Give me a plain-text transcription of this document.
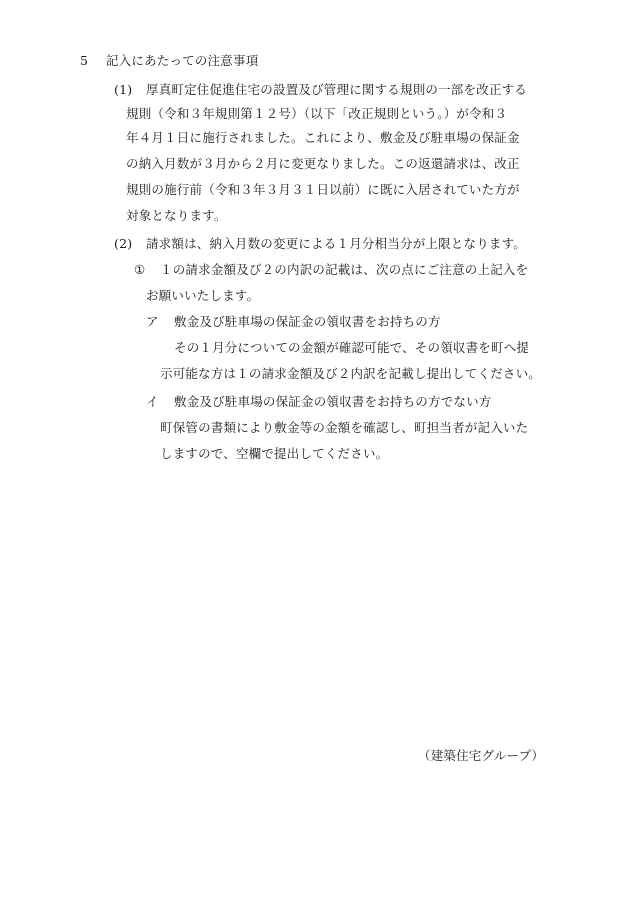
5 記入にあたっての注意事項
(1) 厚真町定住促進住宅の設置及び管理に関する規則の一部を改正する
規則（令和３年規則第１２号）（以下「改正規則という。）が令和３
年４月１日に施行されました。これにより、敷金及び駐車場の保証金
の納入月数が３月から２月に変更なりました。この返還請求は、改正
規則の施行前（令和３年３月３１日以前）に既に入居されていた方が
対象となります。
(2) 請求額は、納入月数の変更による１月分相当分が上限となります。
① １の請求金額及び２の内訳の記載は、次の点にご注意の上記入を
お願いいたします。
ア 敷金及び駐車場の保証金の領収書をお持ちの方
その１月分についての金額が確認可能で、その領収書を町へ提
示可能な方は１の請求金額及び２内訳を記載し提出してください。
イ 敷金及び駐車場の保証金の領収書をお持ちの方でない方
町保管の書類により敷金等の金額を確認し、町担当者が記入いた
しますので、空欄で提出してください。
（建築住宅グループ）
